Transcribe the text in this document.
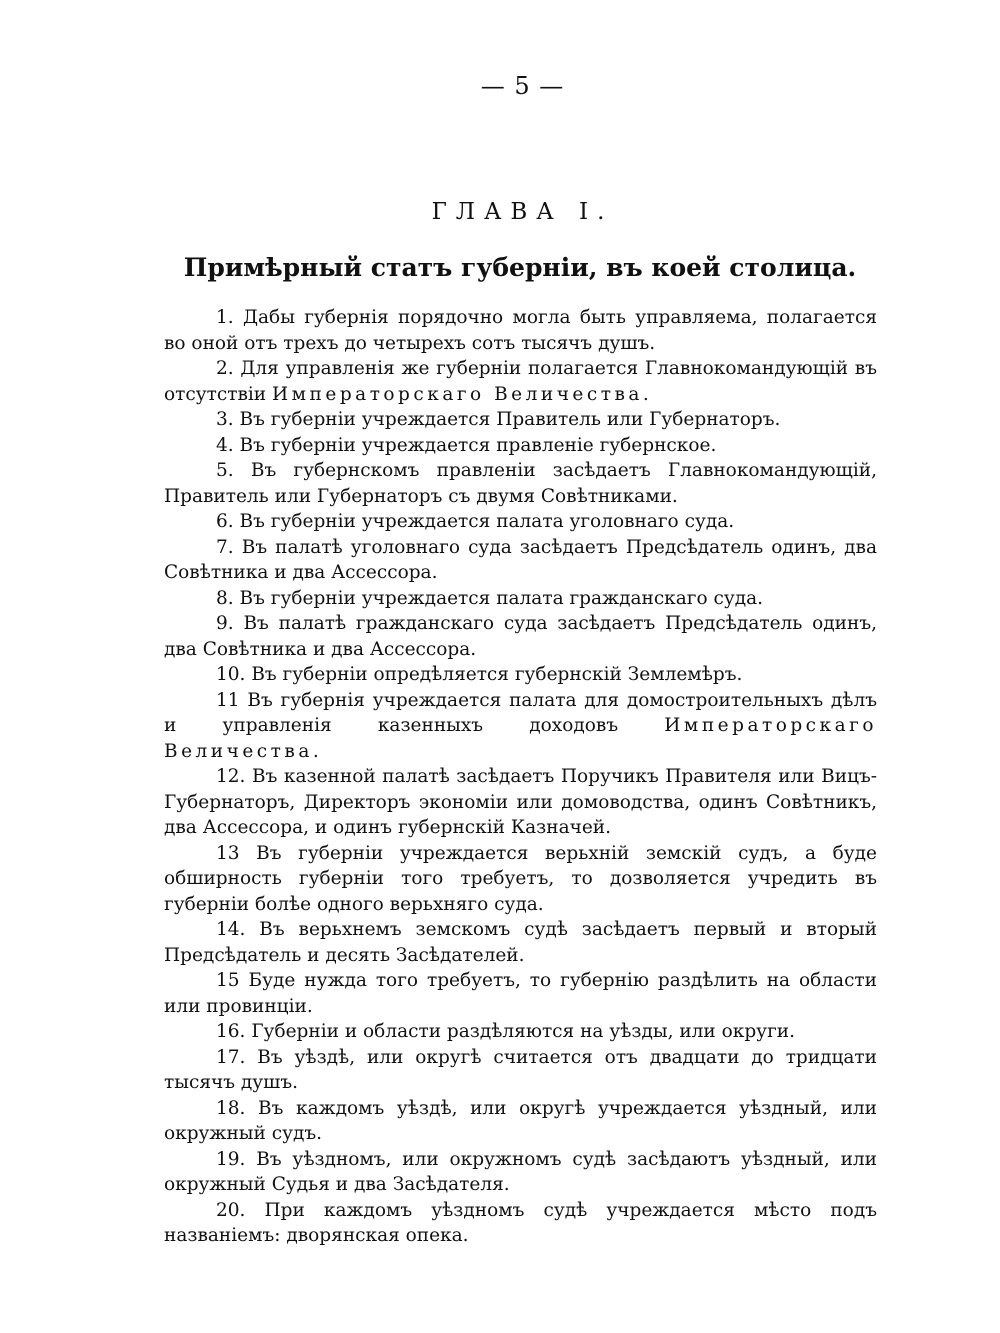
— 5 —
ГЛАВА I.
Примѣрный статъ губерніи, въ коей столица.

1. Дабы губернія порядочно могла быть управляема, полагается во оной отъ трехъ до четырехъ сотъ тысячъ душъ.

2. Для управленія же губерніи полагается Главнокомандующій въ отсутствіи Императорскаго Величества.

3. Въ губерніи учреждается Правитель или Губернаторъ.

4. Въ губерніи учреждается правленіе губернское.

5. Въ губернскомъ правленіи засѣдаетъ Главнокомандующій, Правитель или Губернаторъ съ двумя Совѣтниками.

6. Въ губерніи учреждается палата уголовнаго суда.

7. Въ палатѣ уголовнаго суда засѣдаетъ Предсѣдатель одинъ, два Совѣтника и два Ассессора.

8. Въ губерніи учреждается палата гражданскаго суда.

9. Въ палатѣ гражданскаго суда засѣдаетъ Предсѣдатель одинъ, два Совѣтника и два Ассессора.

10. Въ губерніи опредѣляется губернскій Землемѣръ.

11 Въ губернія учреждается палата для домостроительныхъ дѣлъ и управленія казенныхъ доходовъ Императорскаго Величества.

12. Въ казенной палатѣ засѣдаетъ Поручикъ Правителя или Вицъ-Губернаторъ, Директоръ экономіи или домоводства, одинъ Совѣтникъ, два Ассессора, и одинъ губернскій Казначей.

13 Въ губерніи учреждается верьхній земскій судъ, а буде обширность губерніи того требуетъ, то дозволяется учредить въ губерніи болѣе одного верьхняго суда.

14. Въ верьхнемъ земскомъ судѣ засѣдаетъ первый и вторый Предсѣдатель и десять Засѣдателей.

15 Буде нужда того требуетъ, то губернію раздѣлить на области или провинціи.

16. Губерніи и области раздѣляются на уѣзды, или округи.

17. Въ уѣздѣ, или округѣ считается отъ двадцати до тридцати тысячъ душъ.

18. Въ каждомъ уѣздѣ, или округѣ учреждается уѣздный, или окружный судъ.

19. Въ уѣздномъ, или окружномъ судѣ засѣдаютъ уѣздный, или окружный Судья и два Засѣдателя.

20. При каждомъ уѣздномъ судѣ учреждается мѣсто подъ названіемъ: дворянская опека.
